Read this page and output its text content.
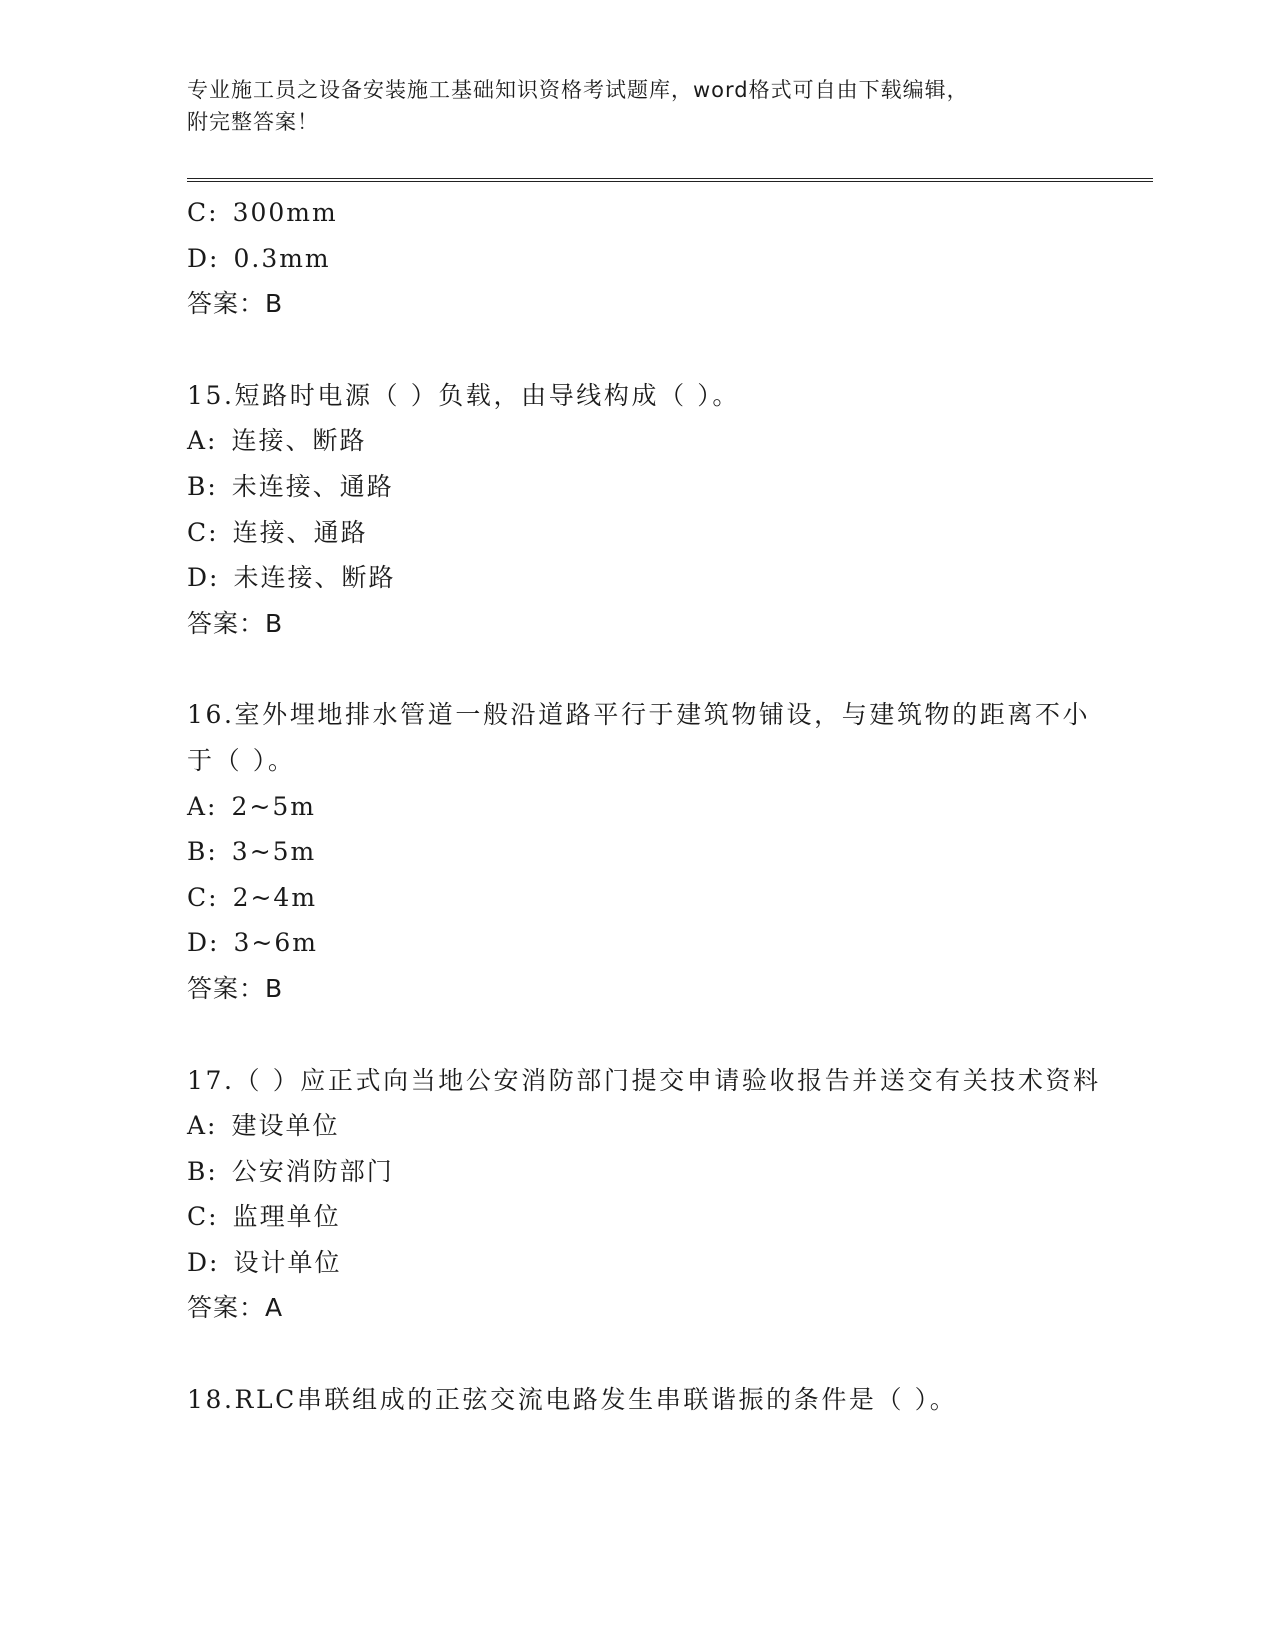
专业施工员之设备安装施工基础知识资格考试题库，word格式可自由下载编辑，
附完整答案！
C: 300mm
D: 0.3mm
答案：B
15.短路时电源（ ）负载，由导线构成（ ）。
A: 连接、断路
B: 未连接、通路
C: 连接、通路
D: 未连接、断路
答案：B
16.室外埋地排水管道一般沿道路平行于建筑物铺设，与建筑物的距离不小于（ ）。
A: 2~5m
B: 3~5m
C: 2~4m
D: 3~6m
答案：B
17.（ ）应正式向当地公安消防部门提交申请验收报告并送交有关技术资料
A: 建设单位
B: 公安消防部门
C: 监理单位
D: 设计单位
答案：A
18.RLC串联组成的正弦交流电路发生串联谐振的条件是（ ）。
